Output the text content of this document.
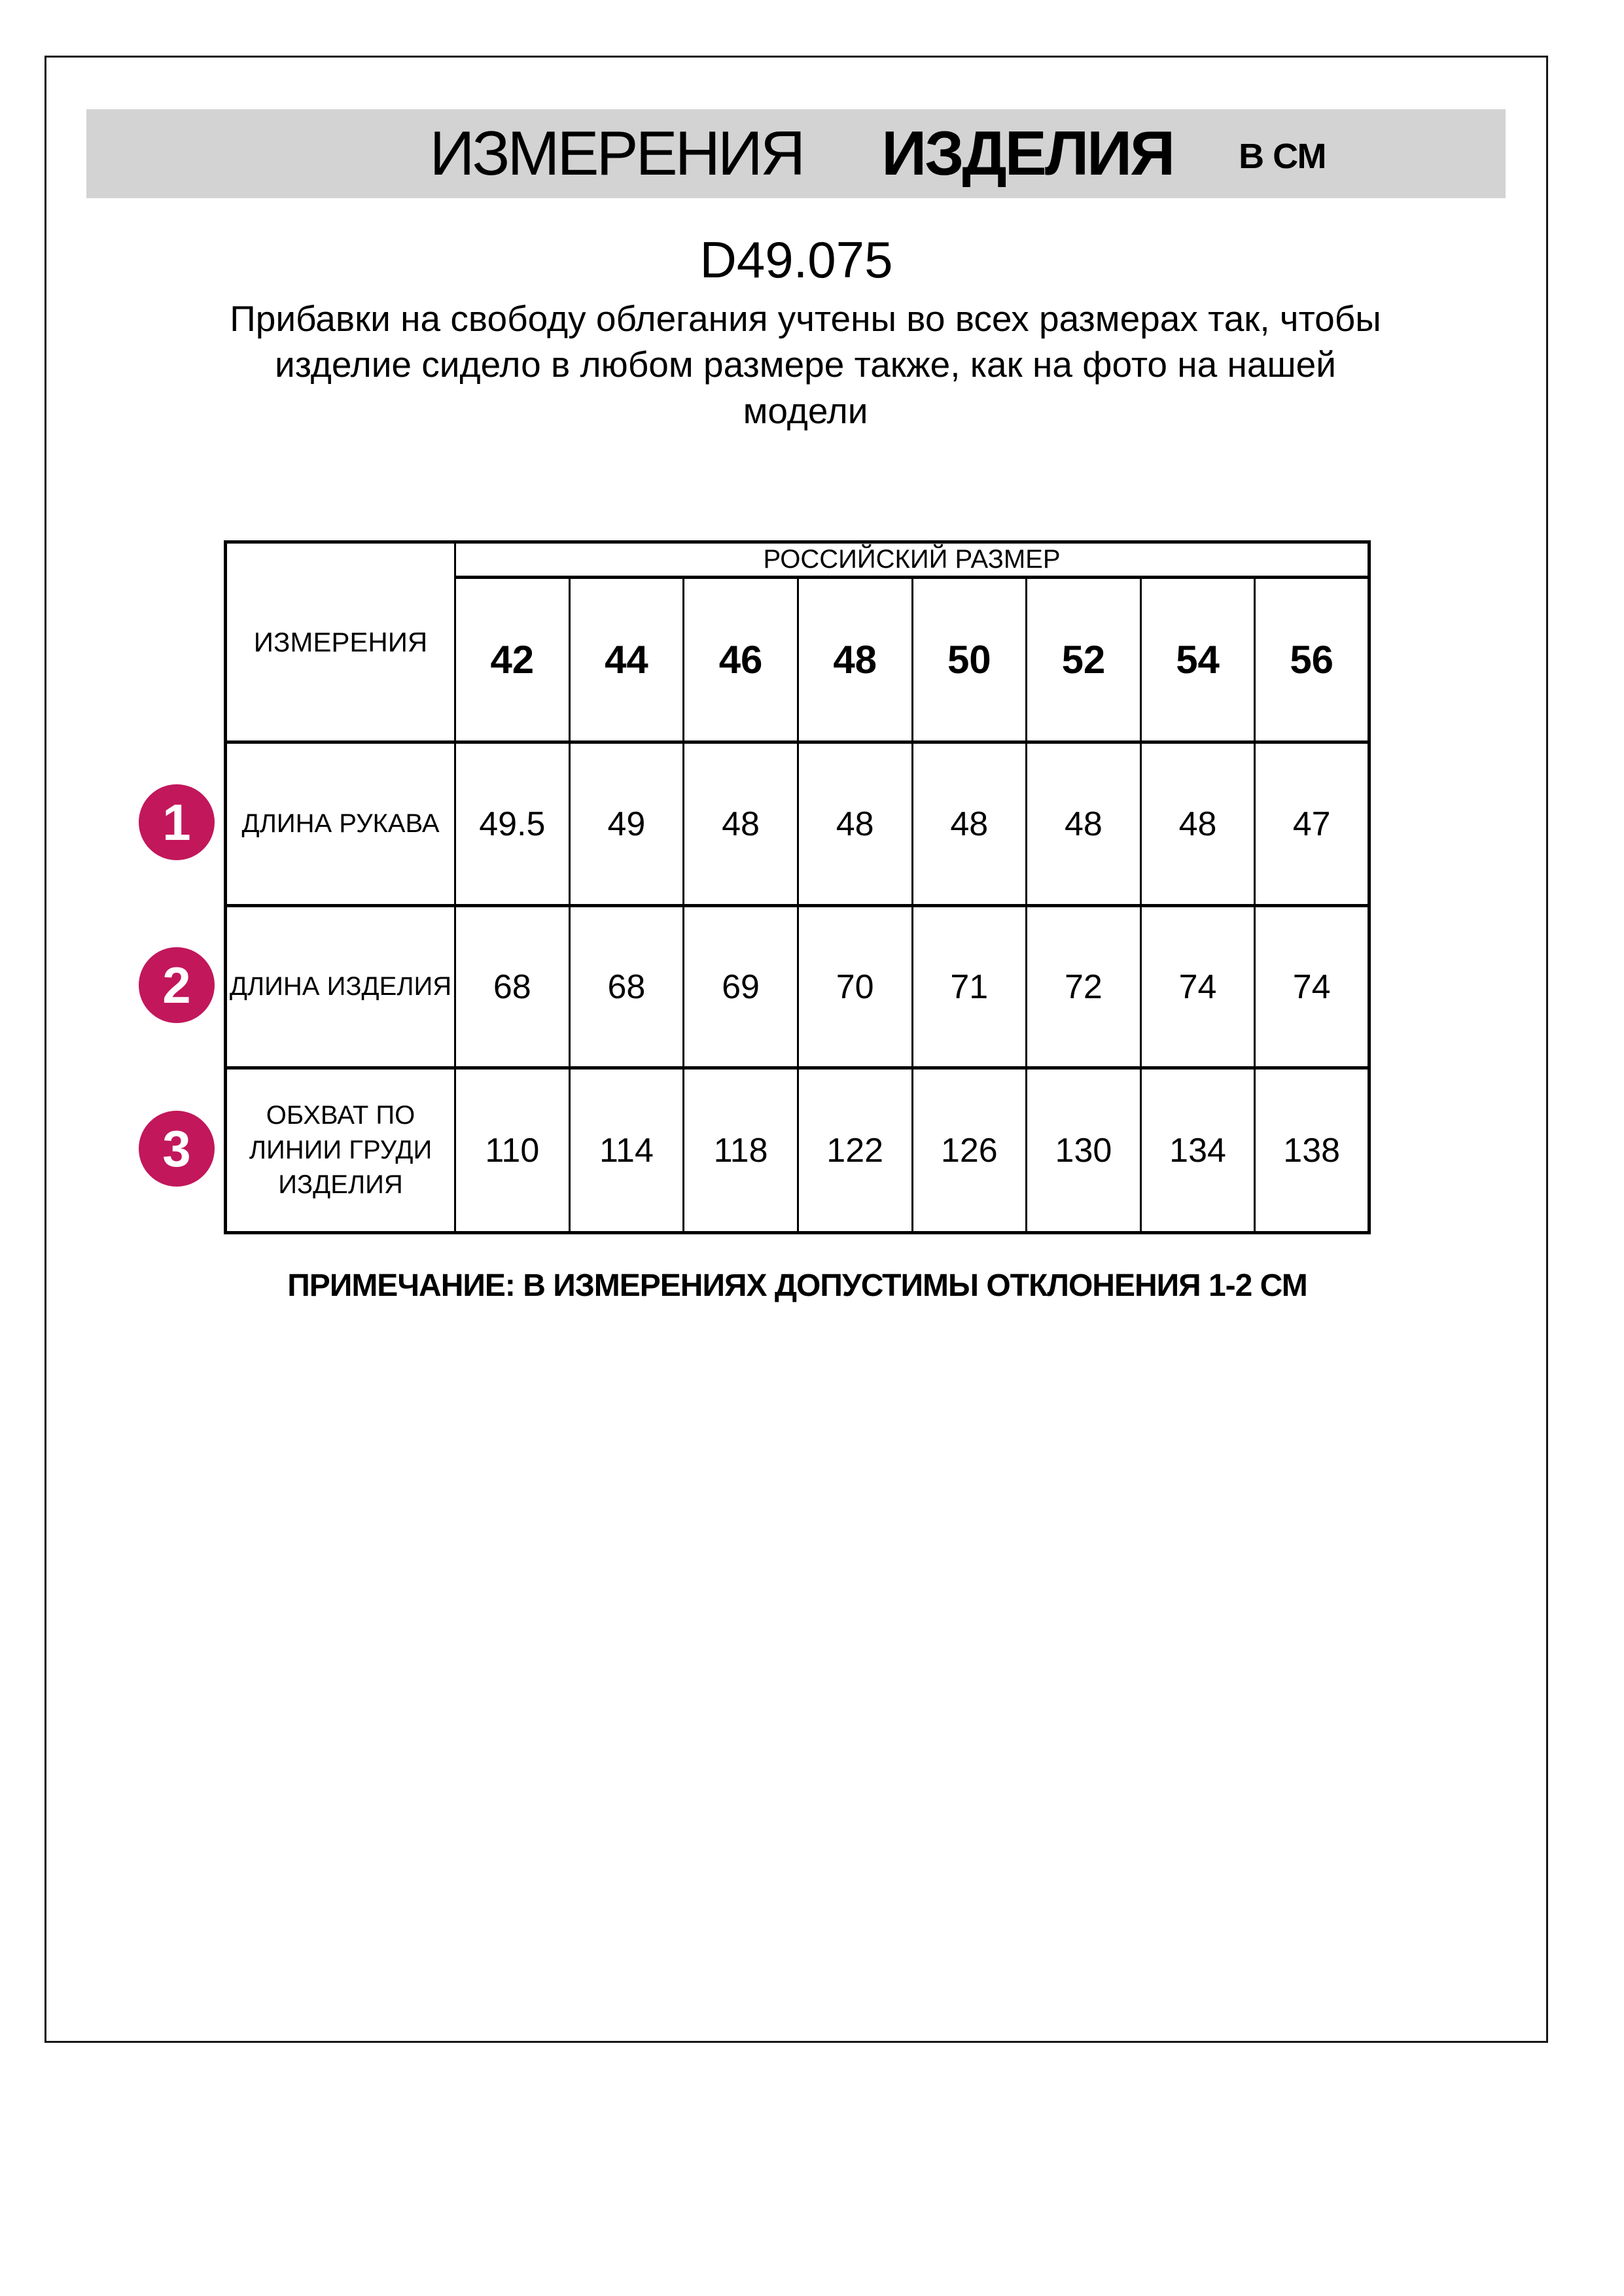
ИЗМЕРЕНИЯ ИЗДЕЛИЯ В СМ
D49.075
Прибавки на свободу облегания учтены во всех размерах так, чтобы изделие сидело в любом размере также, как на фото на нашей модели
ИЗМЕРЕНИЯ	РОССИЙСКИЙ РАЗМЕР							
	42	44	46	48	50	52	54	56
ДЛИНА РУКАВА	49.5	49	48	48	48	48	48	47
ДЛИНА ИЗДЕЛИЯ	68	68	69	70	71	72	74	74
ОБХВАТ ПО ЛИНИИ ГРУДИ ИЗДЕЛИЯ	110	114	118	122	126	130	134	138
1
2
3
ПРИМЕЧАНИЕ: В ИЗМЕРЕНИЯХ ДОПУСТИМЫ ОТКЛОНЕНИЯ 1-2 СМ
